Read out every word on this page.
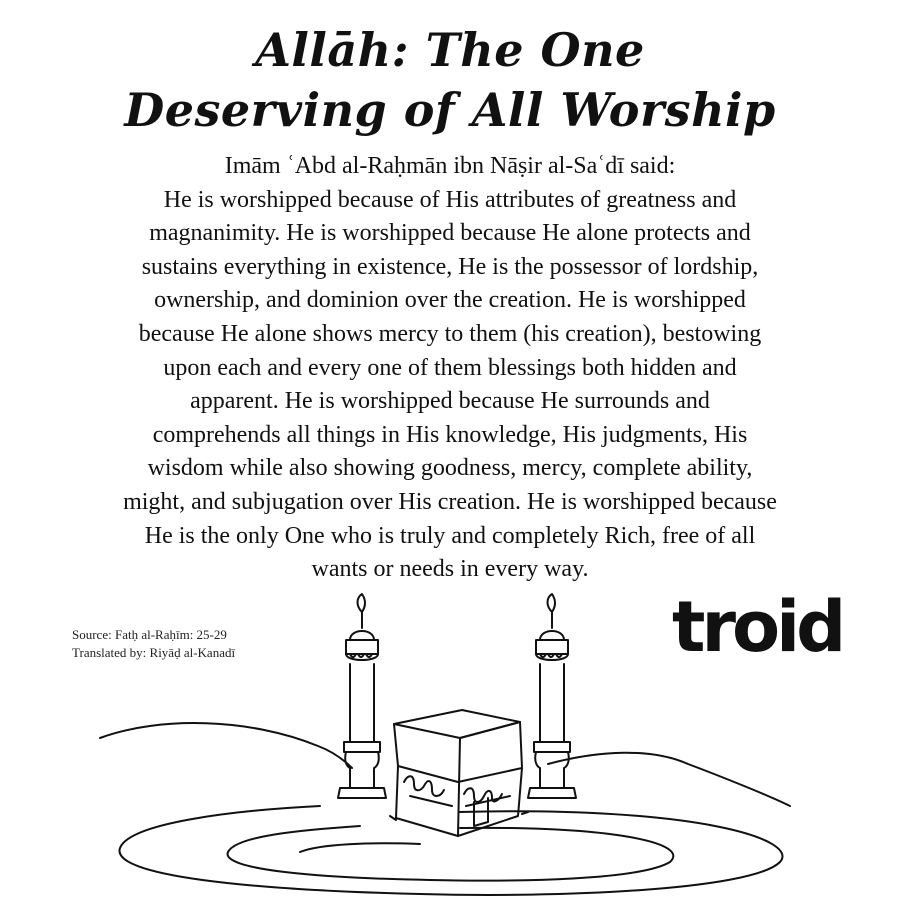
Allāh: The One
Deserving of All Worship
Imām ʿAbd al-Raḥmān ibn Nāṣir al-Saʿdī said:
He is worshipped because of His attributes of greatness and
magnanimity. He is worshipped because He alone protects and
sustains everything in existence, He is the possessor of lordship,
ownership, and dominion over the creation. He is worshipped
because He alone shows mercy to them (his creation), bestowing
upon each and every one of them blessings both hidden and
apparent. He is worshipped because He surrounds and
comprehends all things in His knowledge, His judgments, His
wisdom while also showing goodness, mercy, complete ability,
might, and subjugation over His creation. He is worshipped because
He is the only One who is truly and completely Rich, free of all
wants or needs in every way.
Source: Fatḥ al-Raḥīm: 25-29
Translated by: Riyāḍ al-Kanadī	troid
